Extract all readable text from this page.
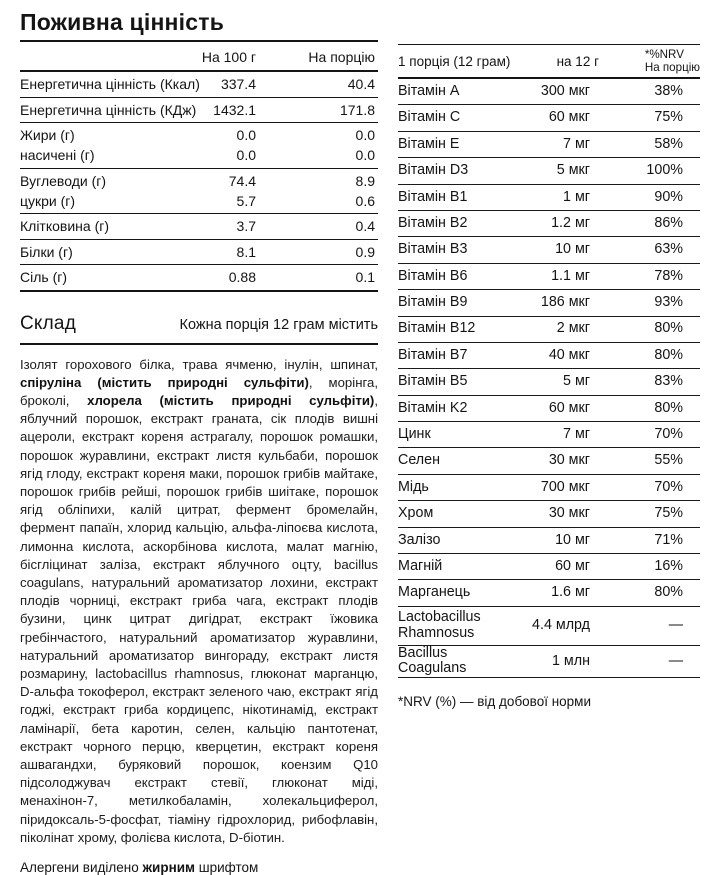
Поживна цінність
На 100 г	На порцію
Енергетична цінність (Ккал)	337.4	40.4
Енергетична цінність (КДж)	1432.1	171.8
Жири (г)	0.0	0.0
насичені (г)	0.0	0.0
Вуглеводи (г)	74.4	8.9
цукри (г)	5.7	0.6
Клітковина (г)	3.7	0.4
Білки (г)	8.1	0.9
Сіль (г)	0.88	0.1
Склад	Кожна порція 12 грам містить

Ізолят горохового білка, трава ячменю, інулін, шпинат, спіруліна (містить природні сульфіти), морінга, броколі, хлорела (містить природні сульфіти), яблучний порошок, екстракт граната, сік плодів вишні ацероли, екстракт кореня астрагалу, порошок ромашки, порошок журавлини, екстракт листя кульбаби, порошок ягід глоду, екстракт кореня маки, порошок грибів майтаке, порошок грибів рейші, порошок грибів шиітаке, порошок ягід обліпихи, калій цитрат, фермент бромелайн, фермент папаїн, хлорид кальцію, альфа-ліпоєва кислота, лимонна кислота, аскорбінова кислота, малат магнію, бісгліцинат заліза, екстракт яблучного оцту, bacillus coagulans, натуральний ароматизатор лохини, екстракт плодів чорниці, екстракт гриба чага, екстракт плодів бузини, цинк цитрат дигідрат, екстракт їжовика гребінчастого, натуральний ароматизатор журавлини, натуральний ароматизатор вингораду, екстракт листя розмарину, lactobacillus rhamnosus, глюконат марганцю, D-альфа токоферол, екстракт зеленого чаю, екстракт ягід годжі, екстракт гриба кордицепс, нікотинамід, екстракт ламінарії, бета каротин, селен, кальцію пантотенат, екстракт чорного перцю, кверцетин, екстракт кореня ашвагандхи, буряковий порошок, коензим Q10 підсолоджувач екстракт стевії, глюконат міді, менахінон-7, метилкобаламін, холекальциферол, піридоксаль-5-фосфат, тіаміну гідрохлорид, рибофлавін, піколінат хрому, фолієва кислота, D-біотин.

Алергени виділено жирним шрифтом

1 порція (12 грам)	на 12 г	*%NRV
На порцію
Вітамін A	300 мкг	38%
Вітамін C	60 мкг	75%
Вітамін E	7 мг	58%
Вітамін D3	5 мкг	100%
Вітамін B1	1 мг	90%
Вітамін B2	1.2 мг	86%
Вітамін B3	10 мг	63%
Вітамін B6	1.1 мг	78%
Вітамін B9	186 мкг	93%
Вітамін B12	2 мкг	80%
Вітамін B7	40 мкг	80%
Вітамін B5	5 мг	83%
Вітамін K2	60 мкг	80%
Цинк	7 мг	70%
Селен	30 мкг	55%
Мідь	700 мкг	70%
Хром	30 мкг	75%
Залізо	10 мг	71%
Магній	60 мг	16%
Марганець	1.6 мг	80%
Lactobacillus Rhamnosus	4.4 млрд	—
Bacillus Coagulans	1 млн	—
*NRV (%) — від добової норми
